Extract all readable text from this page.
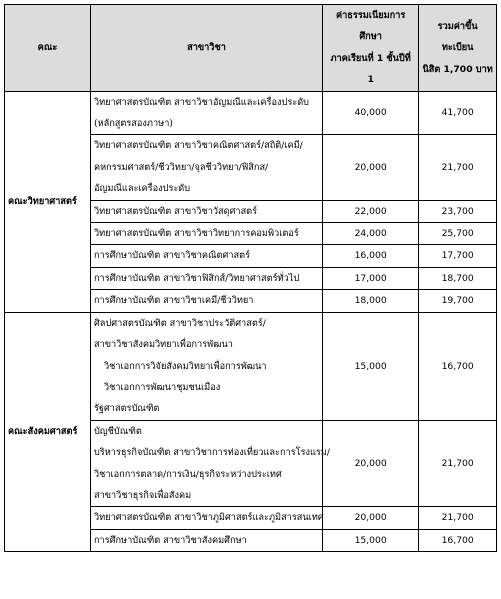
คณะ	สาขาวิชา	ค่าธรรมเนียมการศึกษา
ภาคเรียนที่ 1 ชั้นปีที่ 1	รวมค่าขึ้นทะเบียน
นิสิต 1,700 บาท

คณะวิทยาศาสตร์	วิทยาศาสตรบัณฑิต สาขาวิชาอัญมณีและเครื่องประดับ
(หลักสูตรสองภาษา)	40,000	41,700

	วิทยาศาสตรบัณฑิต สาขาวิชาคณิตศาสตร์/สถิติ/เคมี/
คหกรรมศาสตร์/ชีววิทยา/จุลชีววิทยา/ฟิสิกส/
อัญมณีและเครื่องประดับ	20,000	21,700

	วิทยาศาสตรบัณฑิต สาขาวิชาวัสดุศาสตร์	22,000	23,700

	วิทยาศาสตรบัณฑิต สาขาวิชาวิทยาการคอมพิวเตอร์	24,000	25,700

	การศึกษาบัณฑิต สาขาวิชาคณิตศาสตร์	16,000	17,700

	การศึกษาบัณฑิต สาขาวิชาฟิสิกส์/วิทยาศาสตร์ทั่วไป	17,000	18,700

	การศึกษาบัณฑิต สาขาวิชาเคมี/ชีววิทยา	18,000	19,700
คณะสังคมศาสตร์	ศิลปศาสตรบัณฑิต สาขาวิชาประวัติศาสตร์/
สาขาวิชาสังคมวิทยาเพื่อการพัฒนา
วิชาเอกการวิจัยสังคมวิทยาเพื่อการพัฒนา
วิชาเอกการพัฒนาชุมชนเมือง
รัฐศาสตรบัณฑิต	15,000	16,700

	บัญชีบัณฑิต
บริหารธุรกิจบัณฑิต สาขาวิชาการท่องเที่ยวและการโรงแรม/
วิชาเอกการตลาด/การเงิน/ธุรกิจระหว่างประเทศ
สาขาวิชาธุรกิจเพื่อสังคม	20,000	21,700

	วิทยาศาสตรบัณฑิต สาขาวิชาภูมิศาสตร์และภูมิสารสนเทศ	20,000	21,700

	การศึกษาบัณฑิต สาขาวิชาสังคมศึกษา	15,000	16,700
